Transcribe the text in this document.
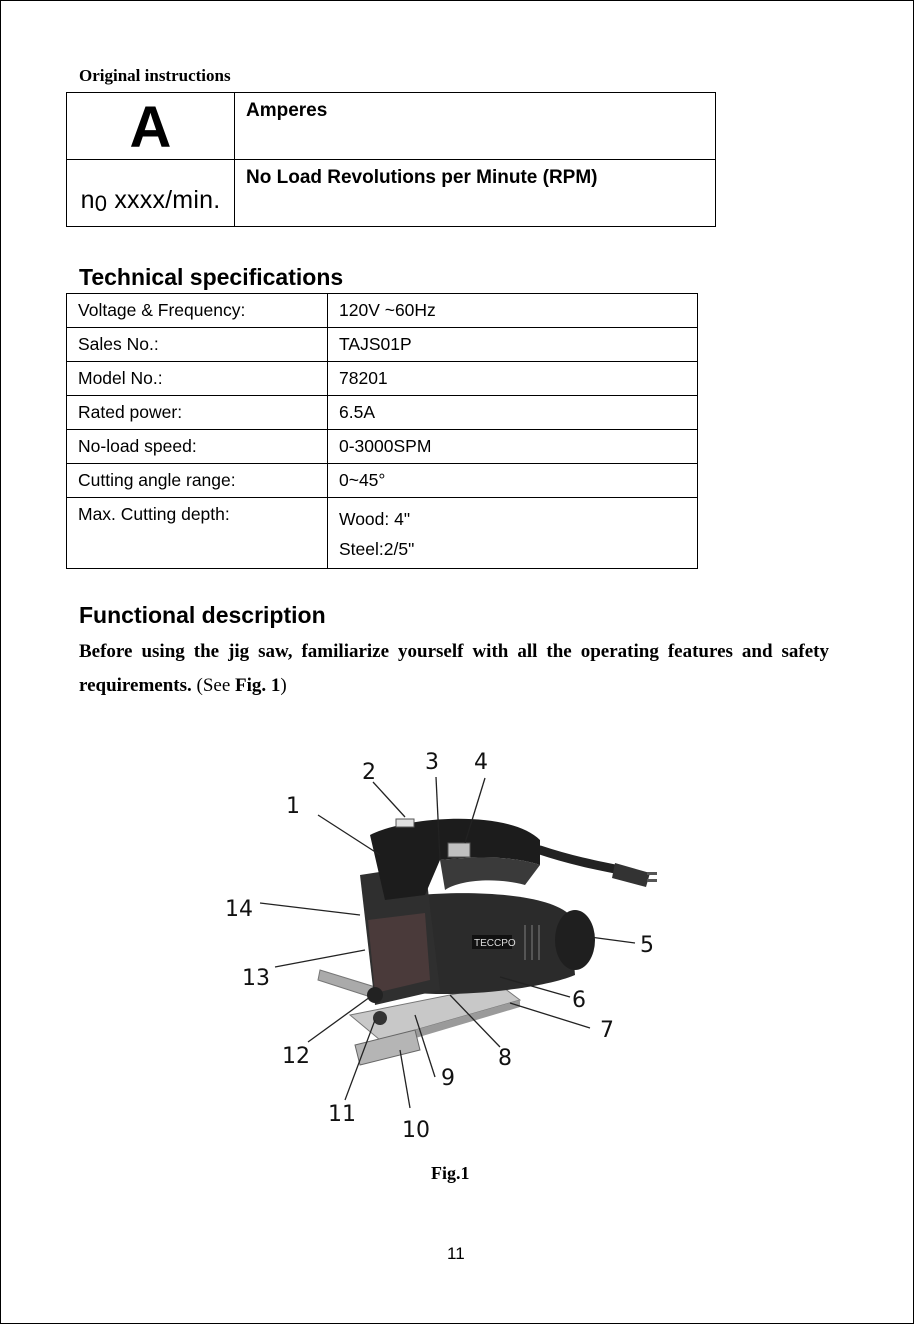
Original instructions
A	Amperes
n0 xxxx/min.	No Load Revolutions per Minute (RPM)
Technical specifications
Voltage & Frequency:	120V ~60Hz
Sales No.:	TAJS01P
Model No.:	78201
Rated power:	6.5A
No-load speed:	0-3000SPM
Cutting angle range:	0~45°
Max. Cutting depth:	Wood: 4"
Steel:2/5"
Functional description
Before using the jig saw, familiarize yourself with all the operating features and safety requirements. (See Fig. 1)
TECCPO
1
2 3 4
5
6
7
8
9
10
11
12
13
14
Fig.1
11
